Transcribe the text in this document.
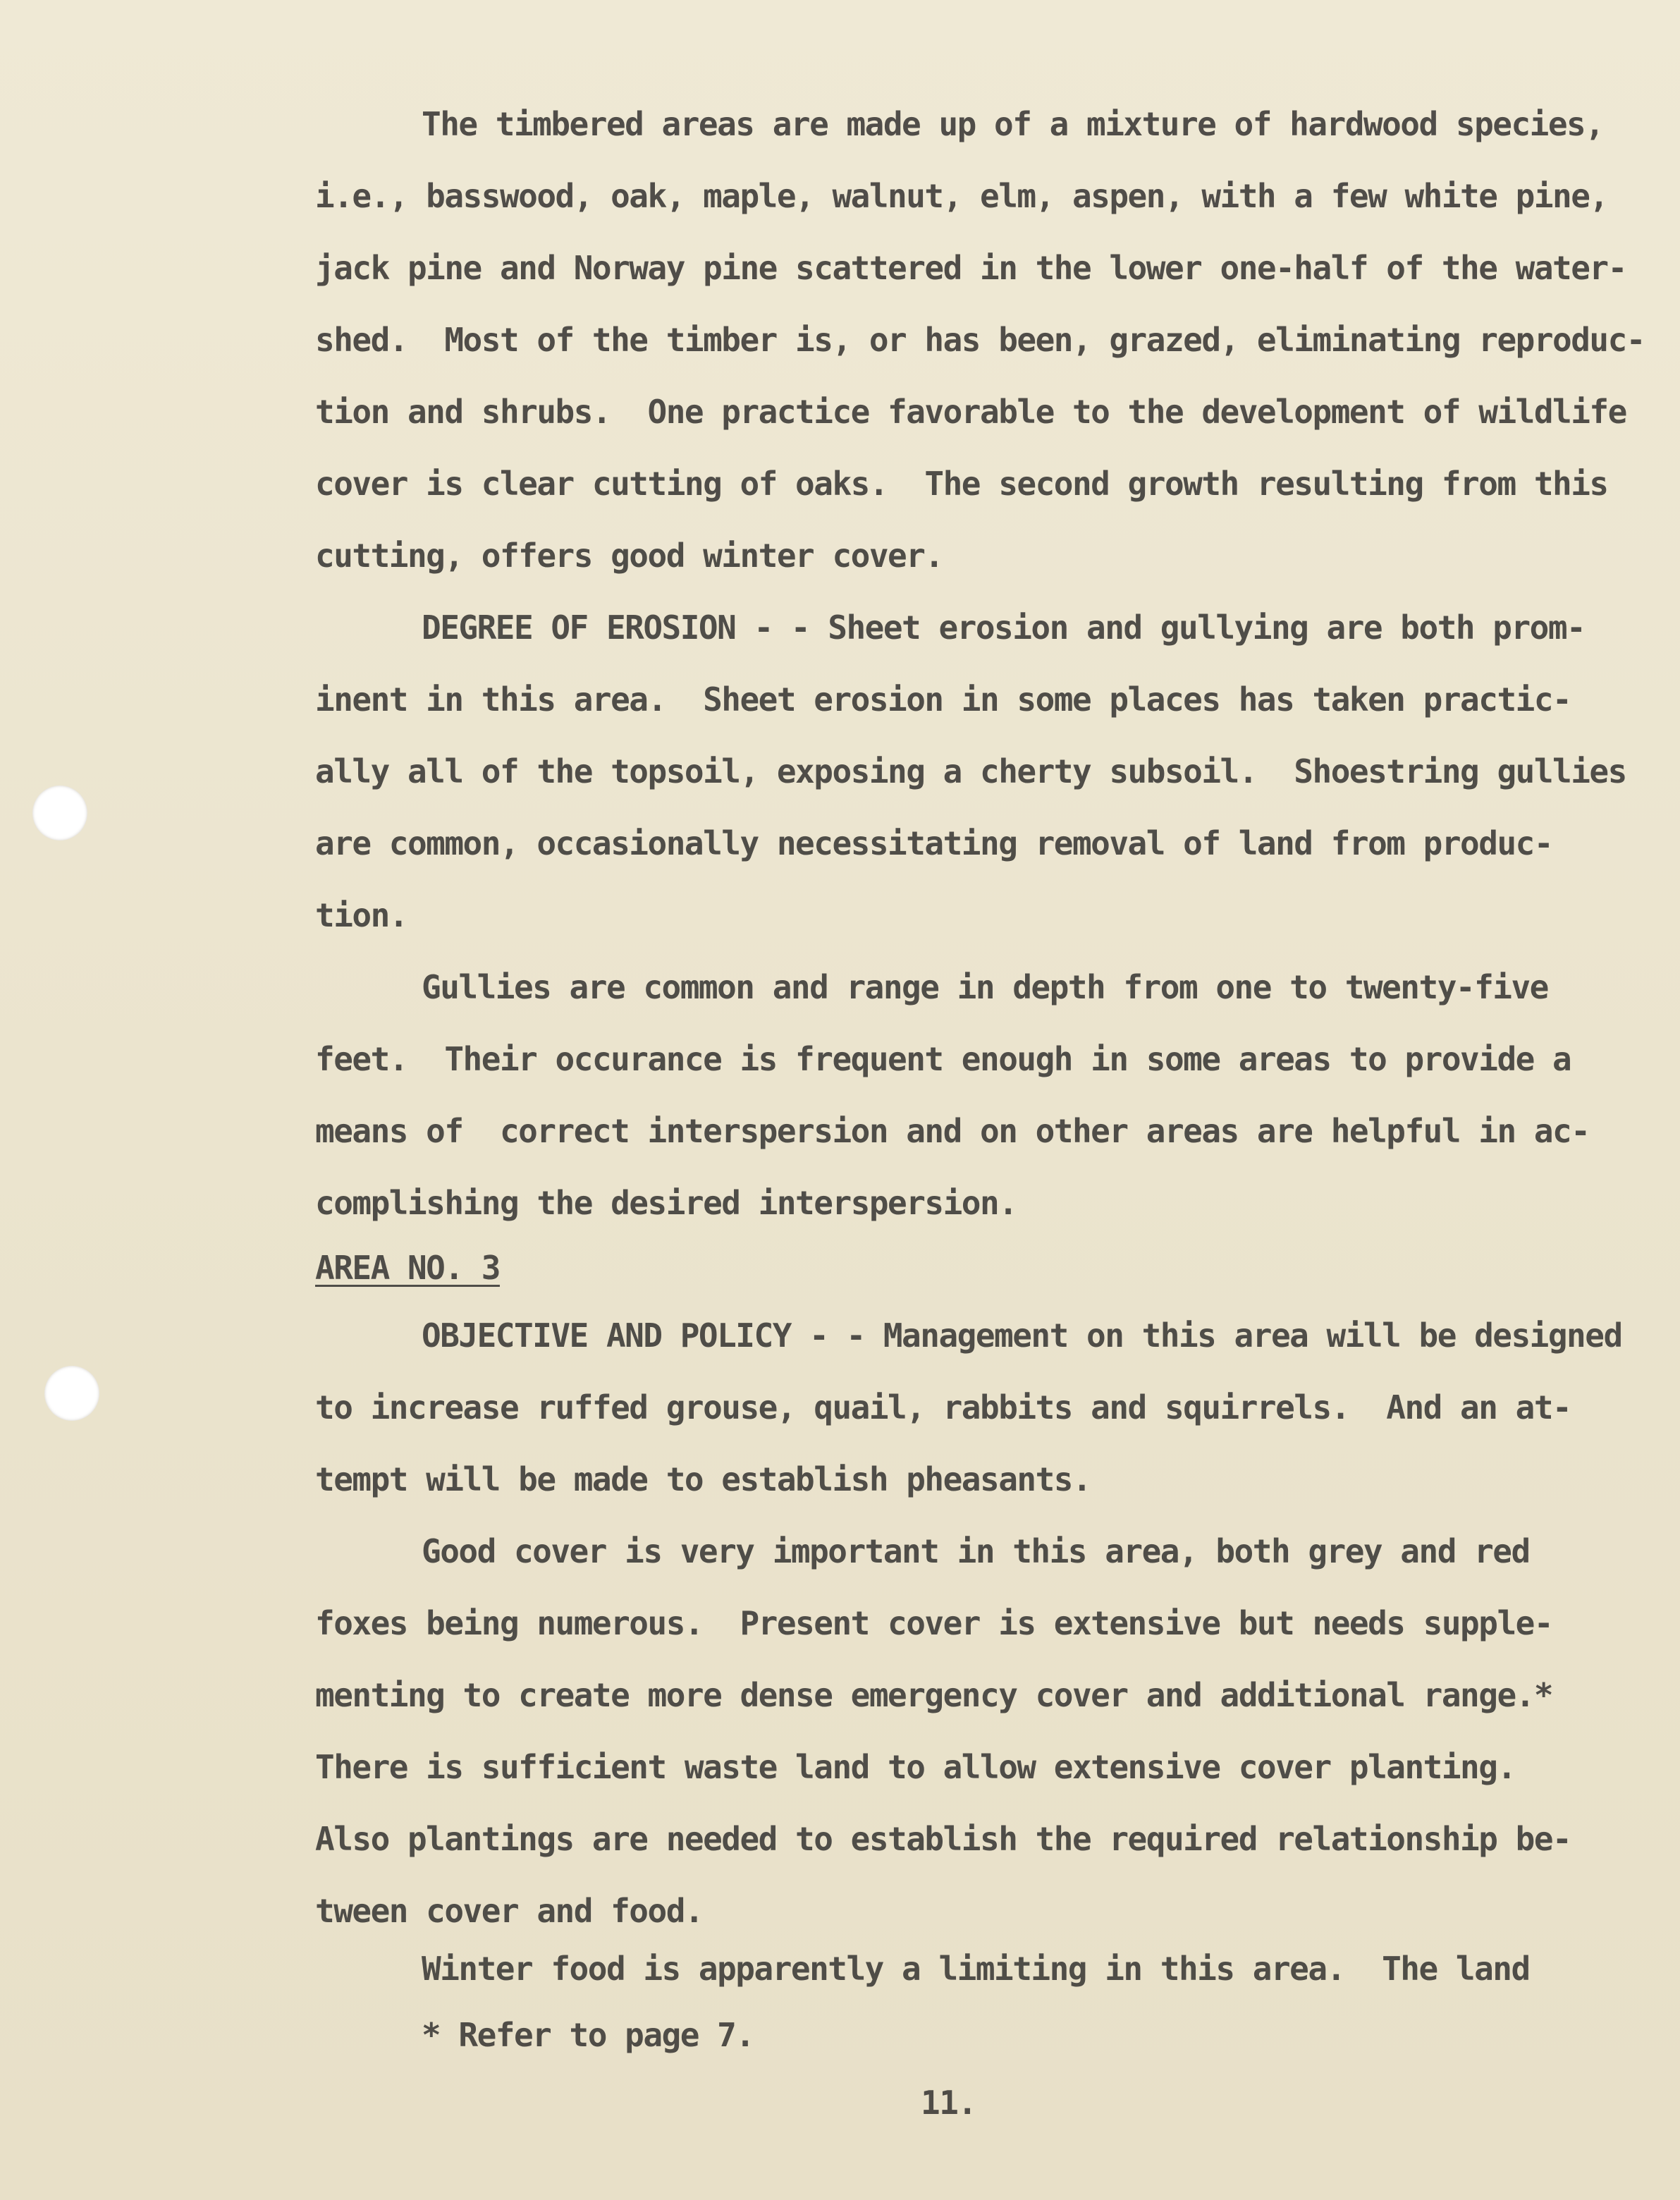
The timbered areas are made up of a mixture of hardwood species,
i.e., basswood, oak, maple, walnut, elm, aspen, with a few white pine,
jack pine and Norway pine scattered in the lower one-half of the water-
shed.  Most of the timber is, or has been, grazed, eliminating reproduc-
tion and shrubs.  One practice favorable to the development of wildlife
cover is clear cutting of oaks.  The second growth resulting from this
cutting, offers good winter cover.
DEGREE OF EROSION - - Sheet erosion and gullying are both prom-
inent in this area.  Sheet erosion in some places has taken practic-
ally all of the topsoil, exposing a cherty subsoil.  Shoestring gullies
are common, occasionally necessitating removal of land from produc-
tion.
Gullies are common and range in depth from one to twenty-five
feet.  Their occurance is frequent enough in some areas to provide a
means of  correct interspersion and on other areas are helpful in ac-
complishing the desired interspersion.
AREA NO. 3
OBJECTIVE AND POLICY - - Management on this area will be designed
to increase ruffed grouse, quail, rabbits and squirrels.  And an at-
tempt will be made to establish pheasants.
Good cover is very important in this area, both grey and red
foxes being numerous.  Present cover is extensive but needs supple-
menting to create more dense emergency cover and additional range.*
There is sufficient waste land to allow extensive cover planting.
Also plantings are needed to establish the required relationship be-
tween cover and food.
Winter food is apparently a limiting in this area.  The land
* Refer to page 7.
11.
